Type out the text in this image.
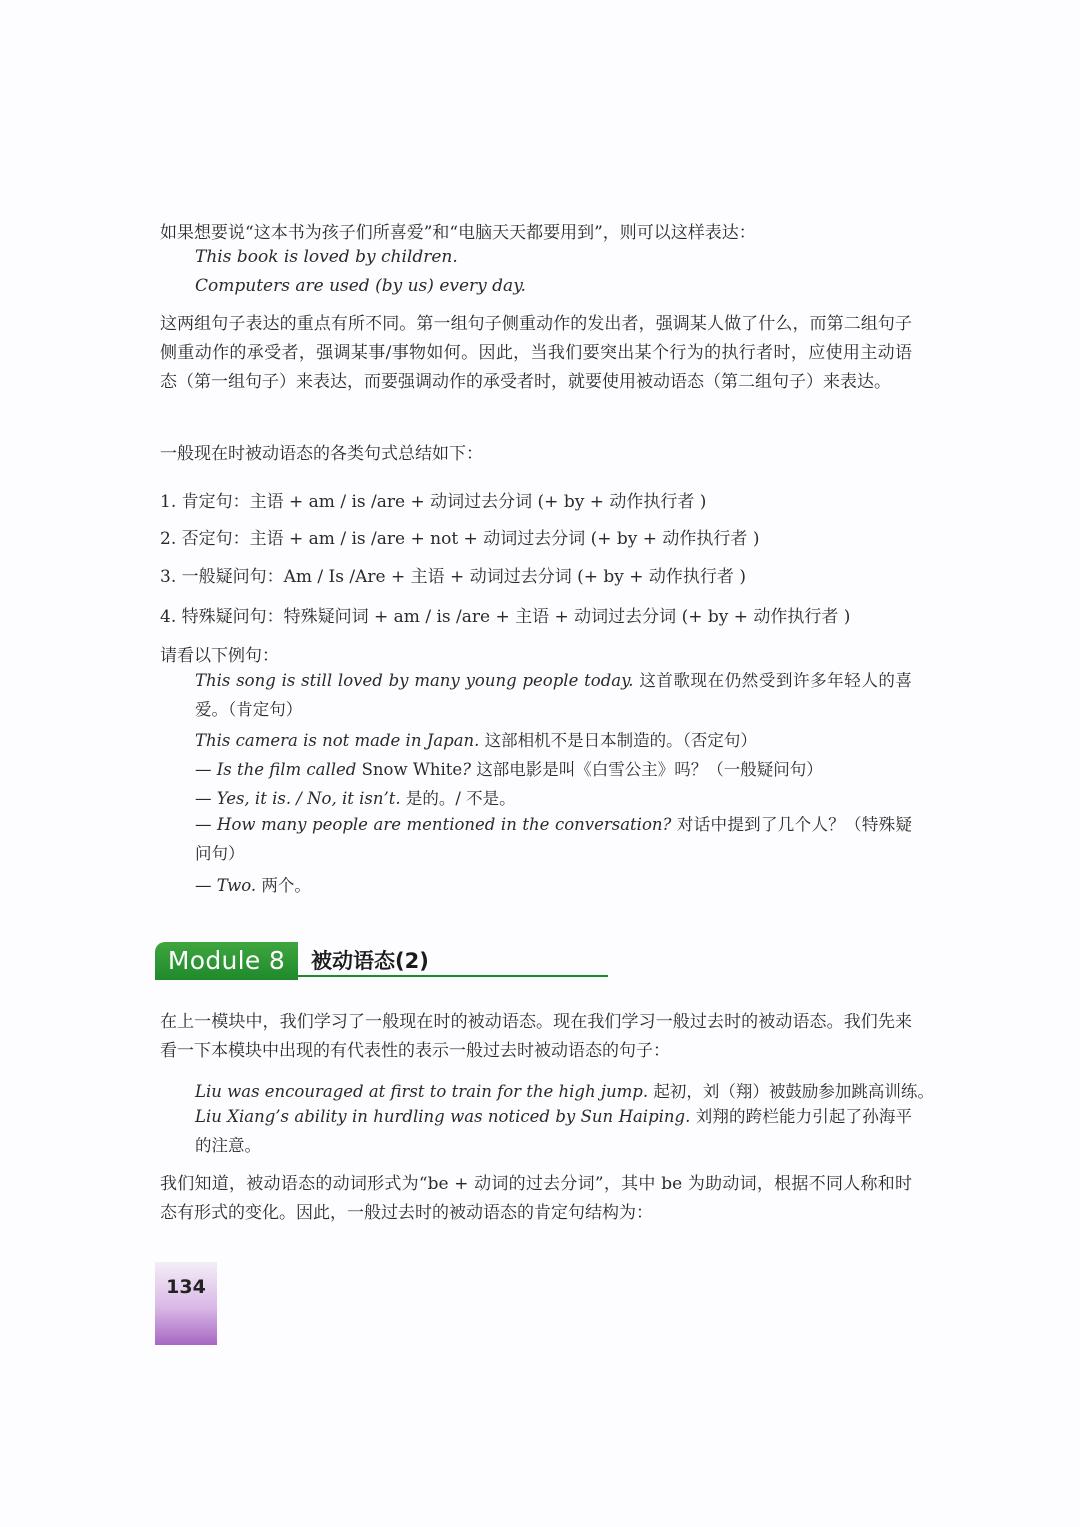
如果想要说“这本书为孩子们所喜爱”和“电脑天天都要用到”，则可以这样表达：
This book is loved by children.
Computers are used (by us) every day.
这两组句子表达的重点有所不同。第一组句子侧重动作的发出者，强调某人做了什么，而第二组句子侧重动作的承受者，强调某事/事物如何。因此，当我们要突出某个行为的执行者时，应使用主动语态（第一组句子）来表达，而要强调动作的承受者时，就要使用被动语态（第二组句子）来表达。
一般现在时被动语态的各类句式总结如下：
1. 肯定句：主语 + am / is /are + 动词过去分词 (+ by + 动作执行者 )
2. 否定句：主语 + am / is /are + not + 动词过去分词 (+ by + 动作执行者 )
3. 一般疑问句：Am / Is /Are + 主语 + 动词过去分词 (+ by + 动作执行者 )
4. 特殊疑问句：特殊疑问词 + am / is /are + 主语 + 动词过去分词 (+ by + 动作执行者 )
请看以下例句：
This song is still loved by many young people today. 这首歌现在仍然受到许多年轻人的喜爱。（肯定句）
This camera is not made in Japan. 这部相机不是日本制造的。（否定句）
— Is the film called Snow White? 这部电影是叫《白雪公主》吗？（一般疑问句）
— Yes, it is. / No, it isn’t. 是的。/ 不是。
— How many people are mentioned in the conversation? 对话中提到了几个人？（特殊疑问句）
— Two. 两个。
Module 8	被动语态(2)
在上一模块中，我们学习了一般现在时的被动语态。现在我们学习一般过去时的被动语态。我们先来看一下本模块中出现的有代表性的表示一般过去时被动语态的句子：
Liu was encouraged at first to train for the high jump. 起初，刘（翔）被鼓励参加跳高训练。
Liu Xiang’s ability in hurdling was noticed by Sun Haiping. 刘翔的跨栏能力引起了孙海平的注意。
我们知道，被动语态的动词形式为“be + 动词的过去分词”，其中 be 为助动词，根据不同人称和时态有形式的变化。因此，一般过去时的被动语态的肯定句结构为：
134
